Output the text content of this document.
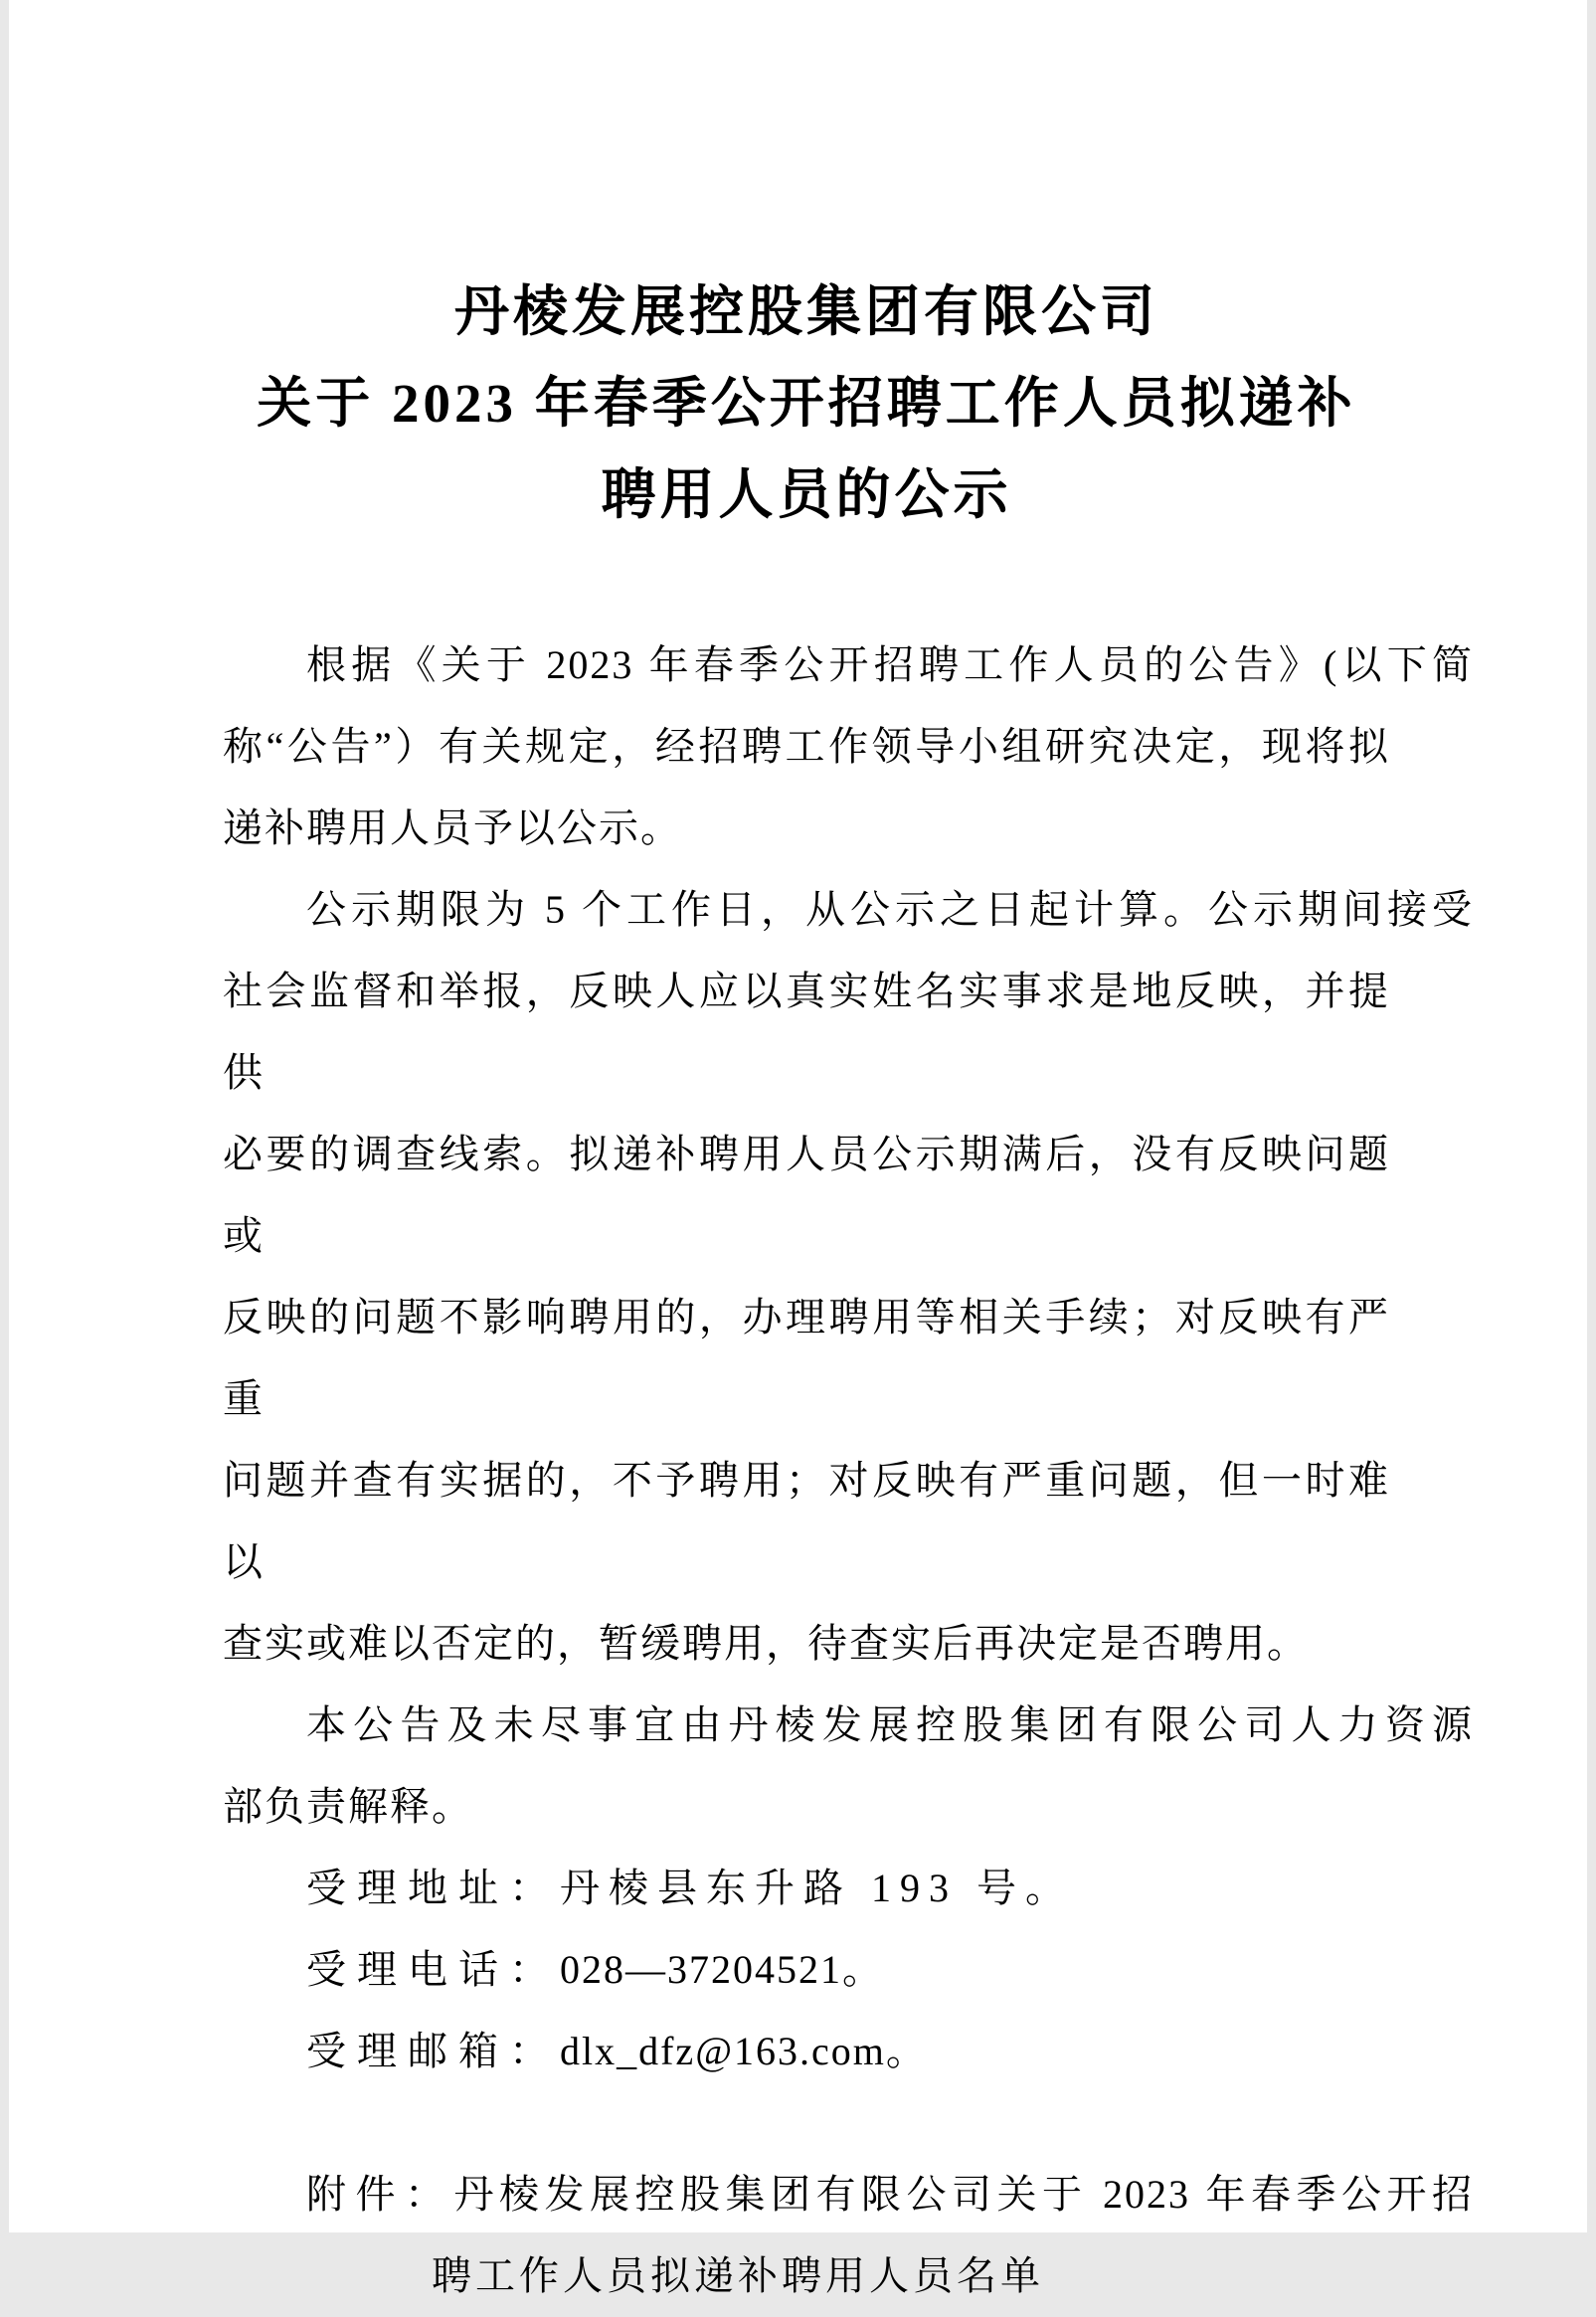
丹棱发展控股集团有限公司
关于 2023 年春季公开招聘工作人员拟递补
聘用人员的公示
根据《关于 2023 年春季公开招聘工作人员的公告》(以下简
称“公告”）有关规定，经招聘工作领导小组研究决定，现将拟
递补聘用人员予以公示。
公示期限为 5 个工作日，从公示之日起计算。公示期间接受
社会监督和举报，反映人应以真实姓名实事求是地反映，并提供
必要的调查线索。拟递补聘用人员公示期满后，没有反映问题或
反映的问题不影响聘用的，办理聘用等相关手续；对反映有严重
问题并查有实据的，不予聘用；对反映有严重问题，但一时难以
查实或难以否定的，暂缓聘用，待查实后再决定是否聘用。
本公告及未尽事宜由丹棱发展控股集团有限公司人力资源
部负责解释。
受理地址：丹棱县东升路 193 号。
受理电话：028—37204521。
受理邮箱：dlx_dfz@163.com。
附件：丹棱发展控股集团有限公司关于 2023 年春季公开招
聘工作人员拟递补聘用人员名单
